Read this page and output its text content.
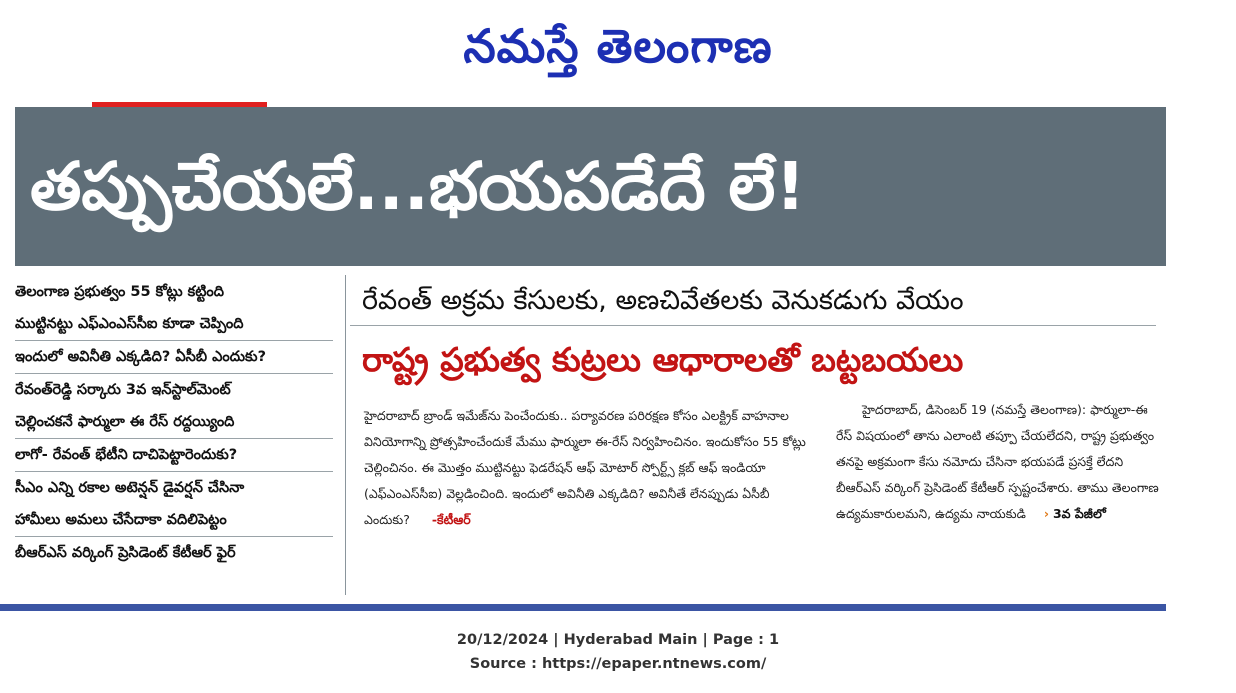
నమస్తే తెలంగాణ
తప్పుచేయలే...భయపడేదే లే!
తెలంగాణ ప్రభుత్వం 55 కోట్లు కట్టింది
ముట్టినట్టు ఎఫ్ఎంఎస్‌సీఐ కూడా చెప్పింది
ఇందులో అవినీతి ఎక్కడిది? ఏసీబీ ఎందుకు?
రేవంత్‌రెడ్డి సర్కారు 3వ ఇన్‌స్టాల్‌మెంట్
చెల్లించకనే ఫార్ములా ఈ రేస్ రద్దయ్యింది
లాగో- రేవంత్ భేటీని దాచిపెట్టారెందుకు?
సీఎం ఎన్ని రకాల అటెన్షన్ డైవర్షన్ చేసినా
హామీలు అమలు చేసేదాకా వదిలిపెట్టం
బీఆర్‌ఎస్ వర్కింగ్ ప్రెసిడెంట్ కేటీఆర్ ఫైర్
రేవంత్ అక్రమ కేసులకు, అణచివేతలకు వెనుకడుగు వేయం
రాష్ట్ర ప్రభుత్వ కుట్రలు ఆధారాలతో బట్టబయలు
హైదరాబాద్ బ్రాండ్ ఇమేజ్‌ను పెంచేందుకు.. పర్యావరణ పరిరక్షణ కోసం ఎలక్ట్రిక్ వాహనాల వినియోగాన్ని ప్రోత్సహించేందుకే మేము ఫార్ములా ఈ-రేస్ నిర్వహించినం. ఇందుకోసం 55 కోట్లు చెల్లించినం. ఈ మొత్తం ముట్టినట్టు ఫెడరేషన్ ఆఫ్ మోటార్ స్పోర్ట్స్ క్లబ్ ఆఫ్ ఇండియా (ఎఫ్ఎంఎస్‌సీఐ) వెల్లడించింది. ఇందులో అవినీతి ఎక్కడిది? అవినీతే లేనప్పుడు ఏసీబీ ఎందుకు? -కేటీఆర్
హైదరాబాద్, డిసెంబర్ 19 (నమస్తే తెలంగాణ): ఫార్ములా-ఈ రేస్ విషయంలో తాను ఎలాంటి తప్పూ చేయలేదని, రాష్ట్ర ప్రభుత్వం తనపై అక్రమంగా కేసు నమోదు చేసినా భయపడే ప్రసక్తే లేదని బీఆర్‌ఎస్ వర్కింగ్ ప్రెసిడెంట్ కేటీఆర్ స్పష్టంచేశారు. తాము తెలంగాణ ఉద్యమకారులమని, ఉద్యమ నాయకుడి › 3వ పేజీలో
20/12/2024 | Hyderabad Main | Page : 1
Source : https://epaper.ntnews.com/
